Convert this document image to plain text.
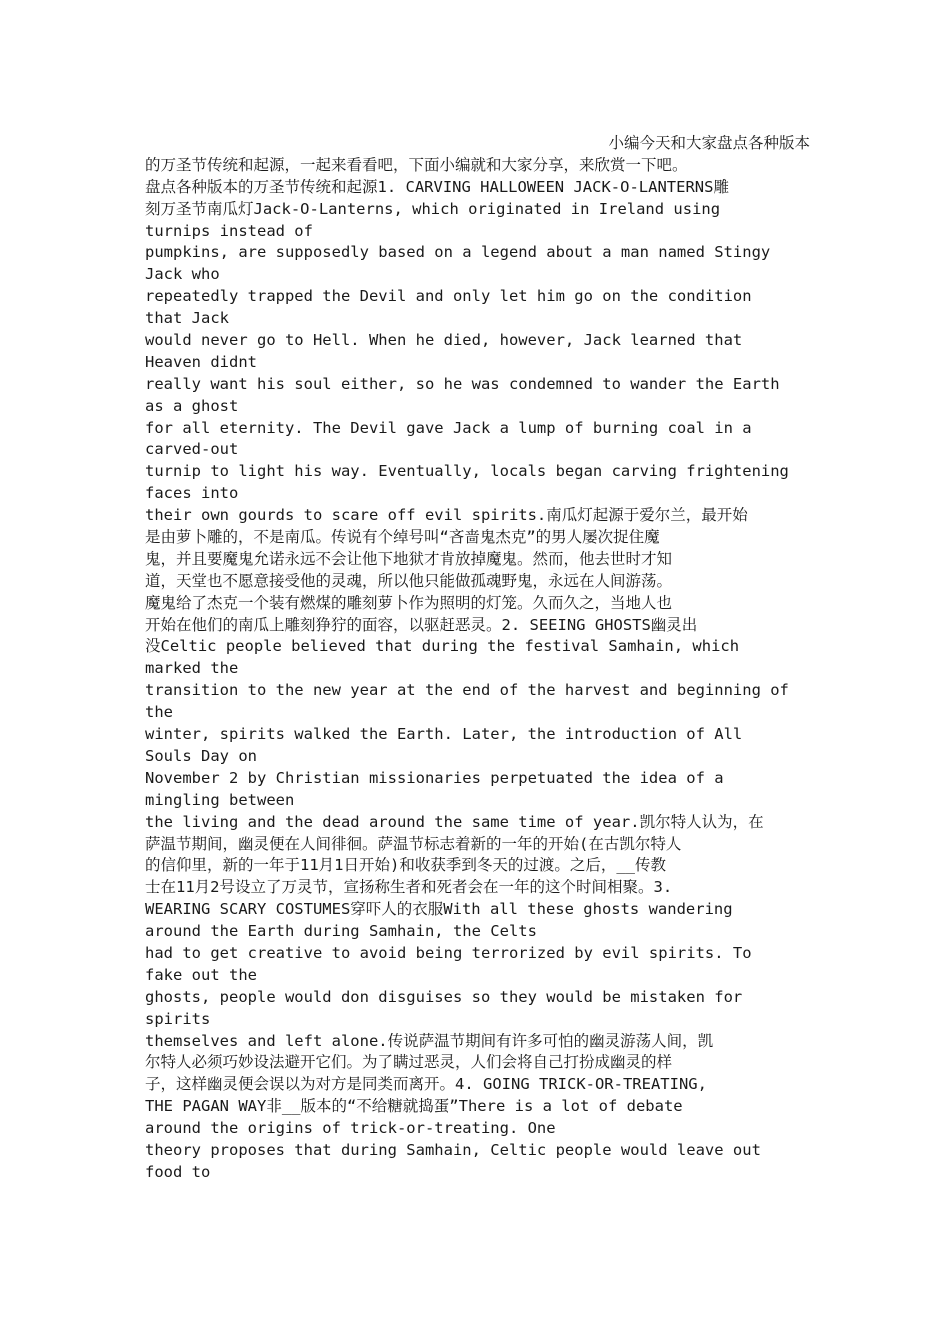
小编今天和大家盘点各种版本
的万圣节传统和起源，一起来看看吧，下面小编就和大家分享，来欣赏一下吧。
盘点各种版本的万圣节传统和起源1. CARVING HALLOWEEN JACK-O-LANTERNS雕
刻万圣节南瓜灯Jack-O-Lanterns, which originated in Ireland using
turnips instead of
pumpkins, are supposedly based on a legend about a man named Stingy
Jack who
repeatedly trapped the Devil and only let him go on the condition
that Jack
would never go to Hell. When he died, however, Jack learned that
Heaven didnt
really want his soul either, so he was condemned to wander the Earth
as a ghost
for all eternity. The Devil gave Jack a lump of burning coal in a
carved-out
turnip to light his way. Eventually, locals began carving frightening
faces into
their own gourds to scare off evil spirits.南瓜灯起源于爱尔兰，最开始
是由萝卜雕的，不是南瓜。传说有个绰号叫“吝啬鬼杰克”的男人屡次捉住魔
鬼，并且要魔鬼允诺永远不会让他下地狱才肯放掉魔鬼。然而，他去世时才知
道，天堂也不愿意接受他的灵魂，所以他只能做孤魂野鬼，永远在人间游荡。
魔鬼给了杰克一个装有燃煤的雕刻萝卜作为照明的灯笼。久而久之，当地人也
开始在他们的南瓜上雕刻狰狞的面容，以驱赶恶灵。2. SEEING GHOSTS幽灵出
没Celtic people believed that during the festival Samhain, which
marked the
transition to the new year at the end of the harvest and beginning of
the
winter, spirits walked the Earth. Later, the introduction of All
Souls Day on
November 2 by Christian missionaries perpetuated the idea of a
mingling between
the living and the dead around the same time of year.凯尔特人认为，在
萨温节期间，幽灵便在人间徘徊。萨温节标志着新的一年的开始(在古凯尔特人
的信仰里，新的一年于11月1日开始)和收获季到冬天的过渡。之后，__传教
士在11月2号设立了万灵节，宣扬称生者和死者会在一年的这个时间相聚。3.
WEARING SCARY COSTUMES穿吓人的衣服With all these ghosts wandering
around the Earth during Samhain, the Celts
had to get creative to avoid being terrorized by evil spirits. To
fake out the
ghosts, people would don disguises so they would be mistaken for
spirits
themselves and left alone.传说萨温节期间有许多可怕的幽灵游荡人间，凯
尔特人必须巧妙设法避开它们。为了瞒过恶灵，人们会将自己打扮成幽灵的样
子，这样幽灵便会误以为对方是同类而离开。4. GOING TRICK-OR-TREATING,
THE PAGAN WAY非__版本的“不给糖就捣蛋”There is a lot of debate
around the origins of trick-or-treating. One
theory proposes that during Samhain, Celtic people would leave out
food to
